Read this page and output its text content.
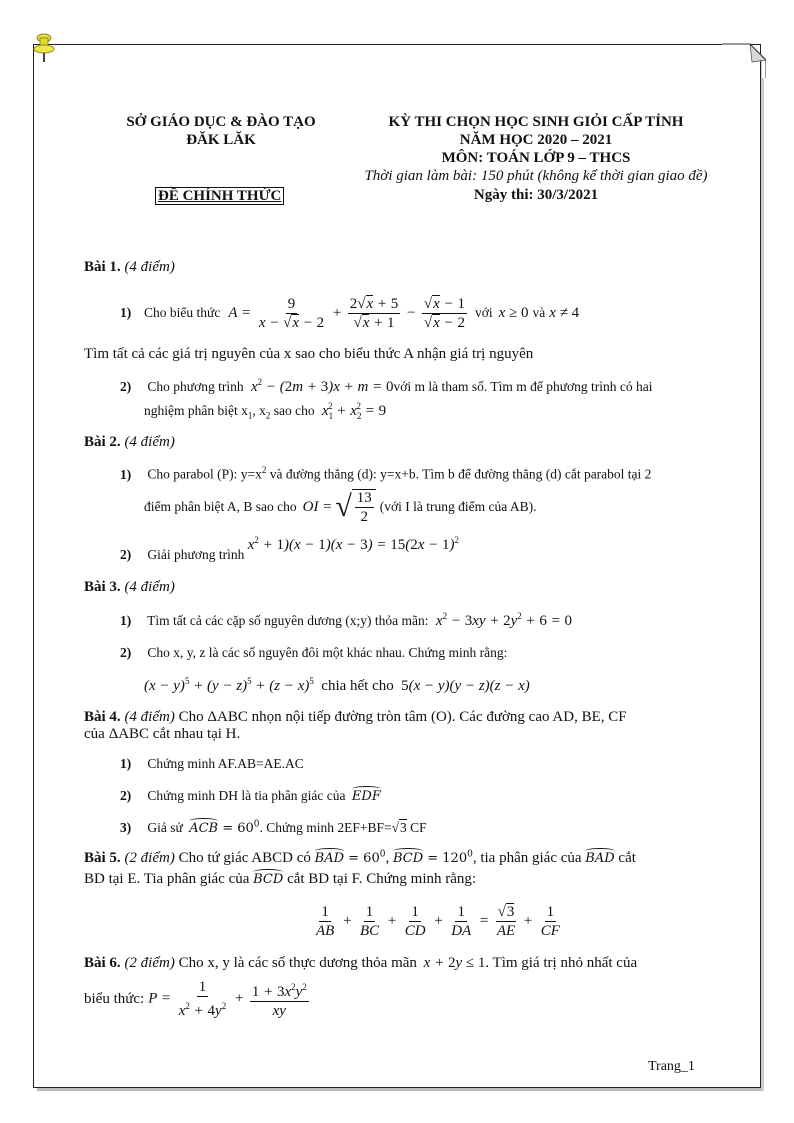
SỞ GIÁO DỤC & ĐÀO TẠO
ĐĂK LĂK
ĐỀ CHÍNH THỨC
KỲ THI CHỌN HỌC SINH GIỎI CẤP TỈNH
NĂM HỌC 2020 – 2021
MÔN: TOÁN LỚP 9 – THCS
Thời gian làm bài: 150 phút (không kể thời gian giao đề)
Ngày thi: 30/3/2021
Bài 1. (4 điểm)
1) Cho biểu thức $A = \frac{9}{x - √x - 2} + \frac{2√x + 5}{√x + 1} - \frac{√x - 1}{√x - 2}$ với x ≥ 0 và x ≠ 4
Tìm tất cả các giá trị nguyên của x sao cho biểu thức A nhận giá trị nguyên
2) Cho phương trình $x^2 - (2m + 3)x + m$ = 0với m là tham số. Tìm m để phương trình có hai
nghiệm phân biệt $x_1$, $x_2$ sao cho $x_1^2 + x_2^2 = 9$
Bài 2. (4 điểm)
1) Cho parabol (P): $y=x^2$ và đường thẳng (d): y=x+b. Tìm b để đường thẳng (d) cắt parabol tại 2
điểm phân biệt A, B sao cho OI = √ $\frac{13}{2}$ (với I là trung điểm của AB).
2) Giải phương trình $x^2 + 1)(x - 1)(x - 3) = 15(2x - 1)^2$
Bài 3. (4 điểm)
1) Tìm tất cả các cặp số nguyên dương (x;y) thỏa mãn: $x^2 - 3xy + 2y^2 + 6 = 0$
2) Cho x, y, z là các số nguyên đôi một khác nhau. Chứng minh rằng:
$(x - y)^5 + (y - z)^5 + (z - x)^5$ chia hết cho 5(x − y)(y − z)(z − x)
Bài 4. (4 điểm) Cho ΔABC nhọn nội tiếp đường tròn tâm (O). Các đường cao AD, BE, CF
của ΔABC cắt nhau tại H.
1) Chứng minh AF.AB=AE.AC
2) Chứng minh DH là tia phân giác của EDF
3) Giả sử ACB = $60^0$. Chứng minh 2EF+BF=√3 CF
Bài 5. (2 điểm) Cho tứ giác ABCD có BAD = $60^0$, BCD = $120^0$, tia phân giác của BAD cắt
BD tại E. Tia phân giác của BCD cắt BD tại F. Chứng minh rằng:
$\frac{1}{AB} + \frac{1}{BC} + \frac{1}{CD} + \frac{1}{DA} = \frac{√3}{AE} + \frac{1}{CF}$
Bài 6. (2 điểm) Cho x, y là các số thực dương thỏa mãn x + 2y ≤ 1. Tìm giá trị nhỏ nhất của
biểu thức: $P = \frac{1}{x^2 + 4y^2} + \frac{1 + 3x^2y^2}{xy}$
Trang_1
